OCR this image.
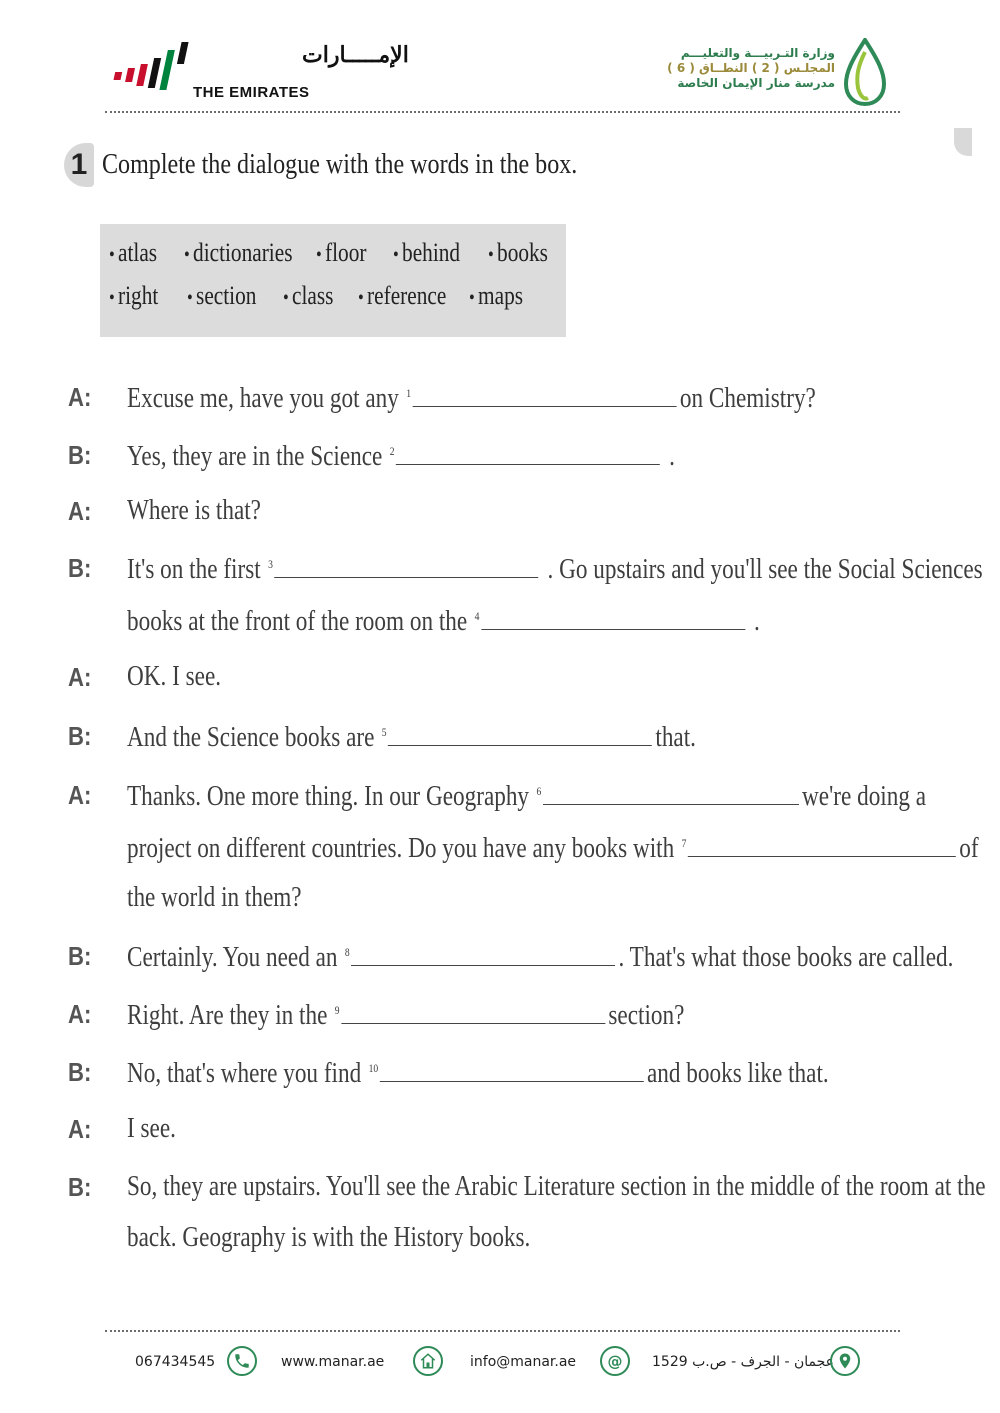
الإمـــــارات
THE EMIRATES
وزارة التـربيـــة والتعليـــم
المجلـس ( 2 ) النطــاق ( 6 )
مدرسة منار الإيمان الخاصة
1 Complete the dialogue with the words in the box.
• atlas • dictionaries • floor • behind • books
• right • section • class • reference • maps
A: Excuse me, have you got any $^1$	on Chemistry?
B: Yes, they are in the Science $^2$	.
A: Where is that?
B: It's on the first $^3$	. Go upstairs and you'll see the Social Sciences
books at the front of the room on the $^4$	.
A: OK. I see.
B: And the Science books are $^5$	that.
A: Thanks. One more thing. In our Geography $^6$	we're doing a
project on different countries. Do you have any books with $^7$	of
the world in them?
B: Certainly. You need an $^8$	. That's what those books are called.
A: Right. Are they in the $^9$	section?
B: No, that's where you find $^{10}$	and books like that.
A: I see.
B: So, they are upstairs. You'll see the Arabic Literature section in the middle of the room at the
back. Geography is with the History books.
067434545	www.manar.ae	info@manar.ae @ عجمان - الجرف - ص.ب 1529
